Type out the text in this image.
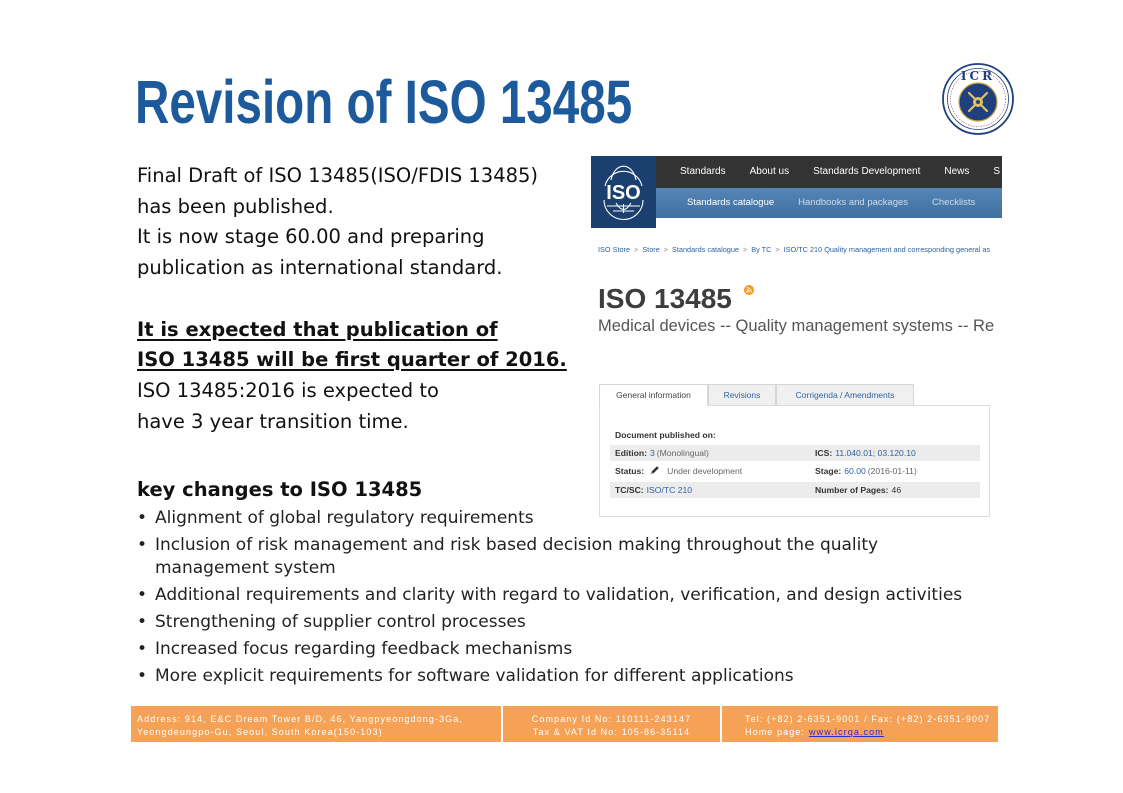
Revision of ISO 13485	ICR
Final Draft of ISO 13485(ISO/FDIS 13485)
has been published.
It is now stage 60.00 and preparing
publication as international standard.
It is expected that publication of
ISO 13485 will be first quarter of 2016.
ISO 13485:2016 is expected to
have 3 year transition time.
key changes to ISO 13485
• Alignment of global regulatory requirements
• Inclusion of risk management and risk based decision making throughout the quality management system
• Additional requirements and clarity with regard to validation, verification, and design activities
• Strengthening of supplier control processes
• Increased focus regarding feedback mechanisms
• More explicit requirements for software validation for different applications
Standards	About us	Standards Development	News	S
Standards catalogue	Handbooks and packages	Checklists
ISO
ISO Store > Store > Standards catalogue > By TC > ISO/TC 210 Quality management and corresponding general as
ISO 13485
Medical devices -- Quality management systems -- Re
General information	Revisions	Corrigenda / Amendments
Document published on:
Edition: 3 (Monolingual)	ICS: 11.040.01; 03.120.10
Status:	Under development	Stage: 60.00 (2016-01-11)
TC/SC: ISO/TC 210	Number of Pages: 46
Address: 914, E&C Dream Tower B/D, 46, Yangpyeongdong-3Ga,
Yeongdeungpo-Gu, Seoul, South Korea(150-103)
Company Id No: 110111-243147
Tax & VAT Id No: 105-86-35114
Tel: (+82) 2-6351-9001 / Fax: (+82) 2-6351-9007
Home page: www.icrqa.com
